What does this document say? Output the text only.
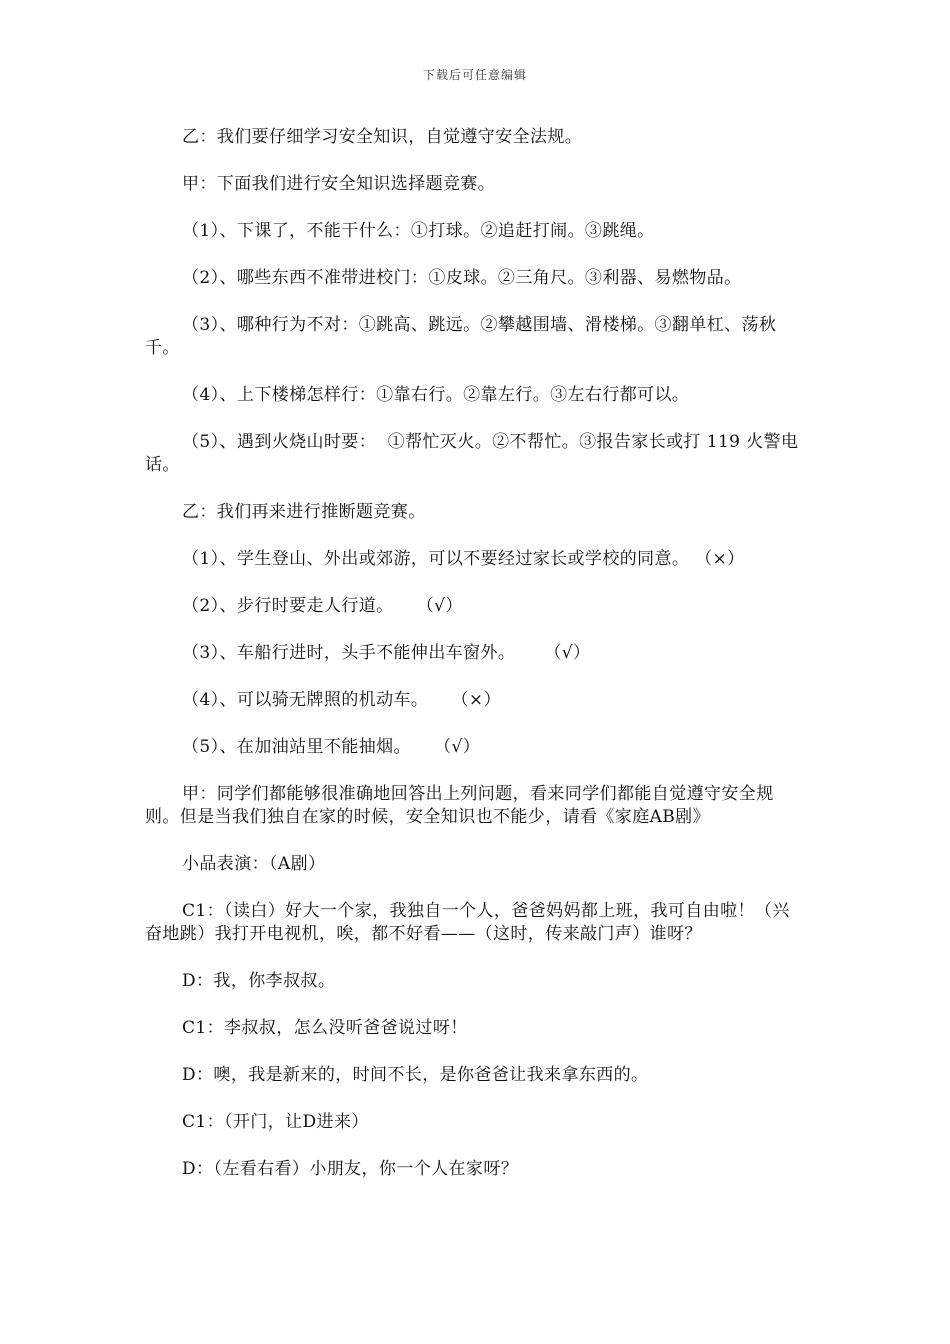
下载后可任意编辑

乙：我们要仔细学习安全知识，自觉遵守安全法规。

甲：下面我们进行安全知识选择题竞赛。

（1）、下课了，不能干什么：①打球。②追赶打闹。③跳绳。

（2）、哪些东西不准带进校门：①皮球。②三角尺。③利器、易燃物品。

（3）、哪种行为不对：①跳高、跳远。②攀越围墙、滑楼梯。③翻单杠、荡秋千。

（4）、上下楼梯怎样行：①靠右行。②靠左行。③左右行都可以。

（5）、遇到火烧山时要：  ①帮忙灭火。②不帮忙。③报告家长或打 119 火警电话。

乙：我们再来进行推断题竞赛。

（1）、学生登山、外出或郊游，可以不要经过家长或学校的同意。 （×）

（2）、步行时要走人行道。    （√）

（3）、车船行进时，头手不能伸出车窗外。     （√）

（4）、可以骑无牌照的机动车。    （×）

（5）、在加油站里不能抽烟。    （√）

甲：同学们都能够很准确地回答出上列问题，看来同学们都能自觉遵守安全规则。但是当我们独自在家的时候，安全知识也不能少，请看《家庭AB剧》

小品表演：（A剧）

C1：（读白）好大一个家，我独自一个人，爸爸妈妈都上班，我可自由啦！（兴奋地跳）我打开电视机，唉，都不好看——（这时，传来敲门声）谁呀？

D：我，你李叔叔。

C1：李叔叔，怎么没听爸爸说过呀！

D：噢，我是新来的，时间不长，是你爸爸让我来拿东西的。

C1：（开门，让D进来）

D：（左看右看）小朋友，你一个人在家呀？
